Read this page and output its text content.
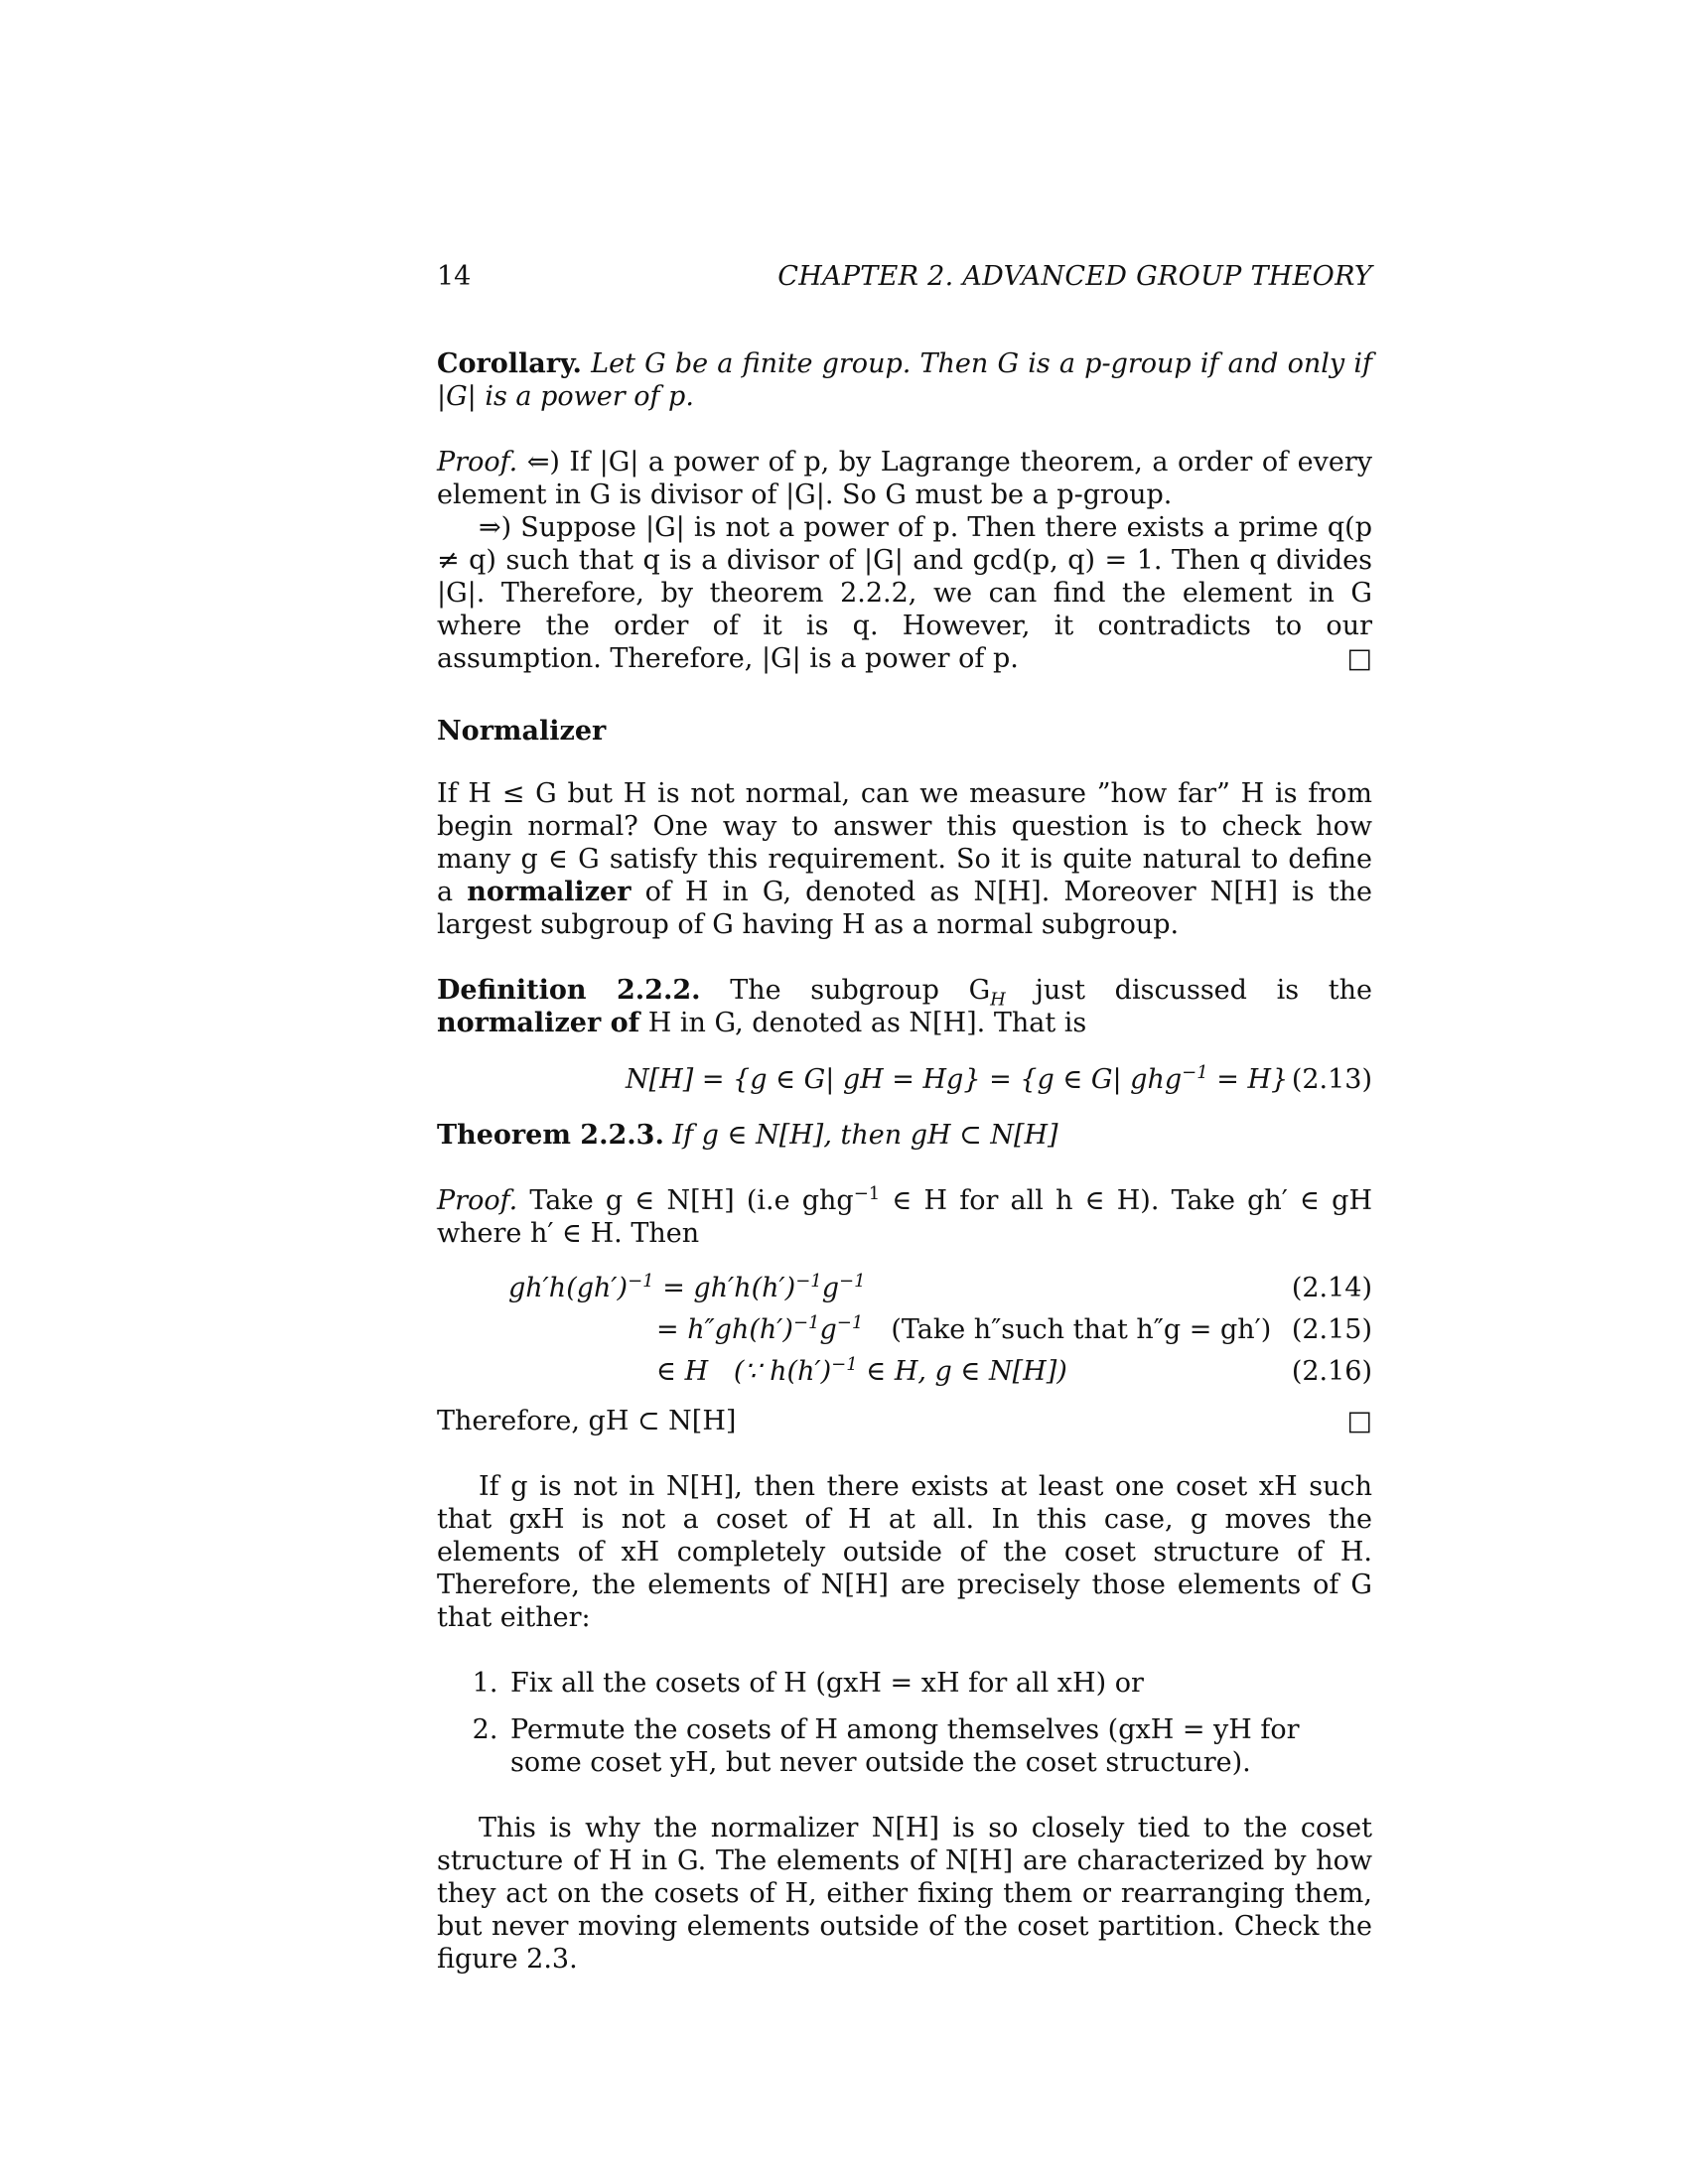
14	CHAPTER 2. ADVANCED GROUP THEORY

Corollary. Let G be a finite group. Then G is a p-group if and only if |G| is a power of p.

Proof. ⇐) If |G| a power of p, by Lagrange theorem, a order of every element in G is divisor of |G|. So G must be a p-group.

⇒) Suppose |G| is not a power of p. Then there exists a prime q(p ≠ q) such that q is a divisor of |G| and gcd(p, q) = 1. Then q divides |G|. Therefore, by theorem 2.2.2, we can find the element in G where the order of it is q. However, it contradicts to our assumption. Therefore, |G| is a power of p.	□

Normalizer

If H ≤ G but H is not normal, can we measure ”how far” H is from begin normal? One way to answer this question is to check how many g ∈ G satisfy this requirement. So it is quite natural to define a normalizer of H in G, denoted as N[H]. Moreover N[H] is the largest subgroup of G having H as a normal subgroup.

Definition 2.2.2. The subgroup $G_H$ just discussed is the normalizer of H in G, denoted as N[H]. That is

N[H] = {g ∈ G| gH = Hg} = {g ∈ G| ghg$^{-1}$ = H} (2.13)

Theorem 2.2.3. If g ∈ N[H], then gH ⊂ N[H]

Proof. Take g ∈ N[H] (i.e ghg$^{-1}$ ∈ H for all h ∈ H). Take gh′ ∈ gH where h′ ∈ H. Then

$gh'h(gh')^{-1} = gh'h(h')^{-1}g^{-1}$	(2.14)
= $h''gh(h')^{-1}g^{-1}$ (Take h″such that h″g = gh′) (2.15)
∈ H   (∵ $h(h')^{-1}$ ∈ H, g ∈ N[H])	(2.16)

Therefore, gH ⊂ N[H]	□

If g is not in N[H], then there exists at least one coset xH such that gxH is not a coset of H at all. In this case, g moves the elements of xH completely outside of the coset structure of H. Therefore, the elements of N[H] are precisely those elements of G that either:

1. Fix all the cosets of H (gxH = xH for all xH) or
2. Permute the cosets of H among themselves (gxH = yH for some coset yH, but never outside the coset structure).

This is why the normalizer N[H] is so closely tied to the coset structure of H in G. The elements of N[H] are characterized by how they act on the cosets of H, either fixing them or rearranging them, but never moving elements outside of the coset partition. Check the figure 2.3.
